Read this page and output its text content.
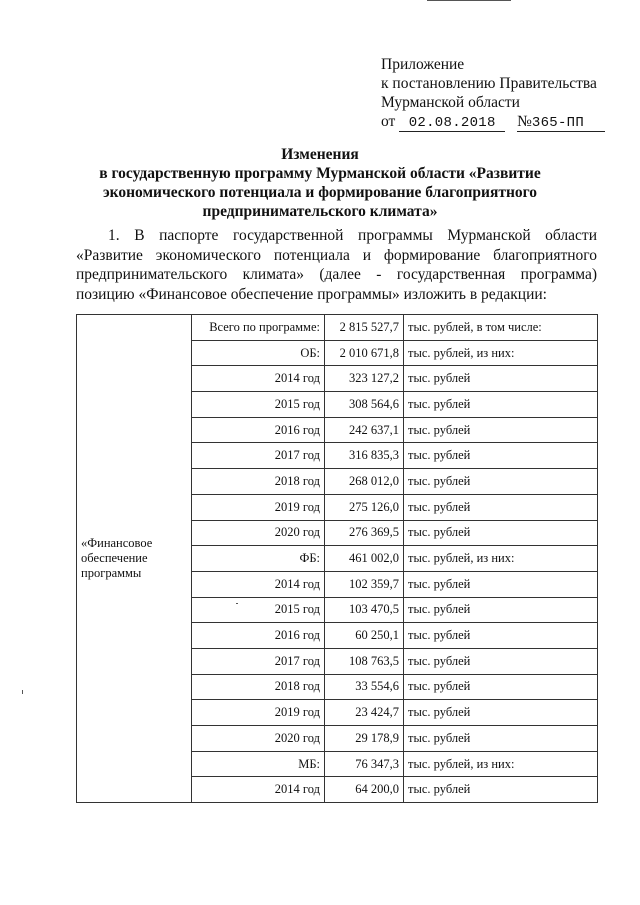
Приложение
к постановлению Правительства
Мурманской области
от 02.08.2018 №365-ПП
Изменения
в государственную программу Мурманской области «Развитие
экономического потенциала и формирование благоприятного
предпринимательского климата»

1. В паспорте государственной программы Мурманской области «Развитие экономического потенциала и формирование благоприятного предпринимательского климата» (далее - государственная программа) позицию «Финансовое обеспечение программы» изложить в редакции:

«Финансовое обеспечение программы	Всего по программе:	2 815 527,7	тыс. рублей, в том числе:
	ОБ:	2 010 671,8	тыс. рублей, из них:
	2014 год	323 127,2	тыс. рублей
	2015 год	308 564,6	тыс. рублей
	2016 год	242 637,1	тыс. рублей
	2017 год	316 835,3	тыс. рублей
	2018 год	268 012,0	тыс. рублей
	2019 год	275 126,0	тыс. рублей
	2020 год	276 369,5	тыс. рублей
	ФБ:	461 002,0	тыс. рублей, из них:
	2014 год	102 359,7	тыс. рублей
	2015 год	103 470,5	тыс. рублей
	2016 год	60 250,1	тыс. рублей
	2017 год	108 763,5	тыс. рублей
	2018 год	33 554,6	тыс. рублей
	2019 год	23 424,7	тыс. рублей
	2020 год	29 178,9	тыс. рублей
	МБ:	76 347,3	тыс. рублей, из них:
	2014 год	64 200,0	тыс. рублей
